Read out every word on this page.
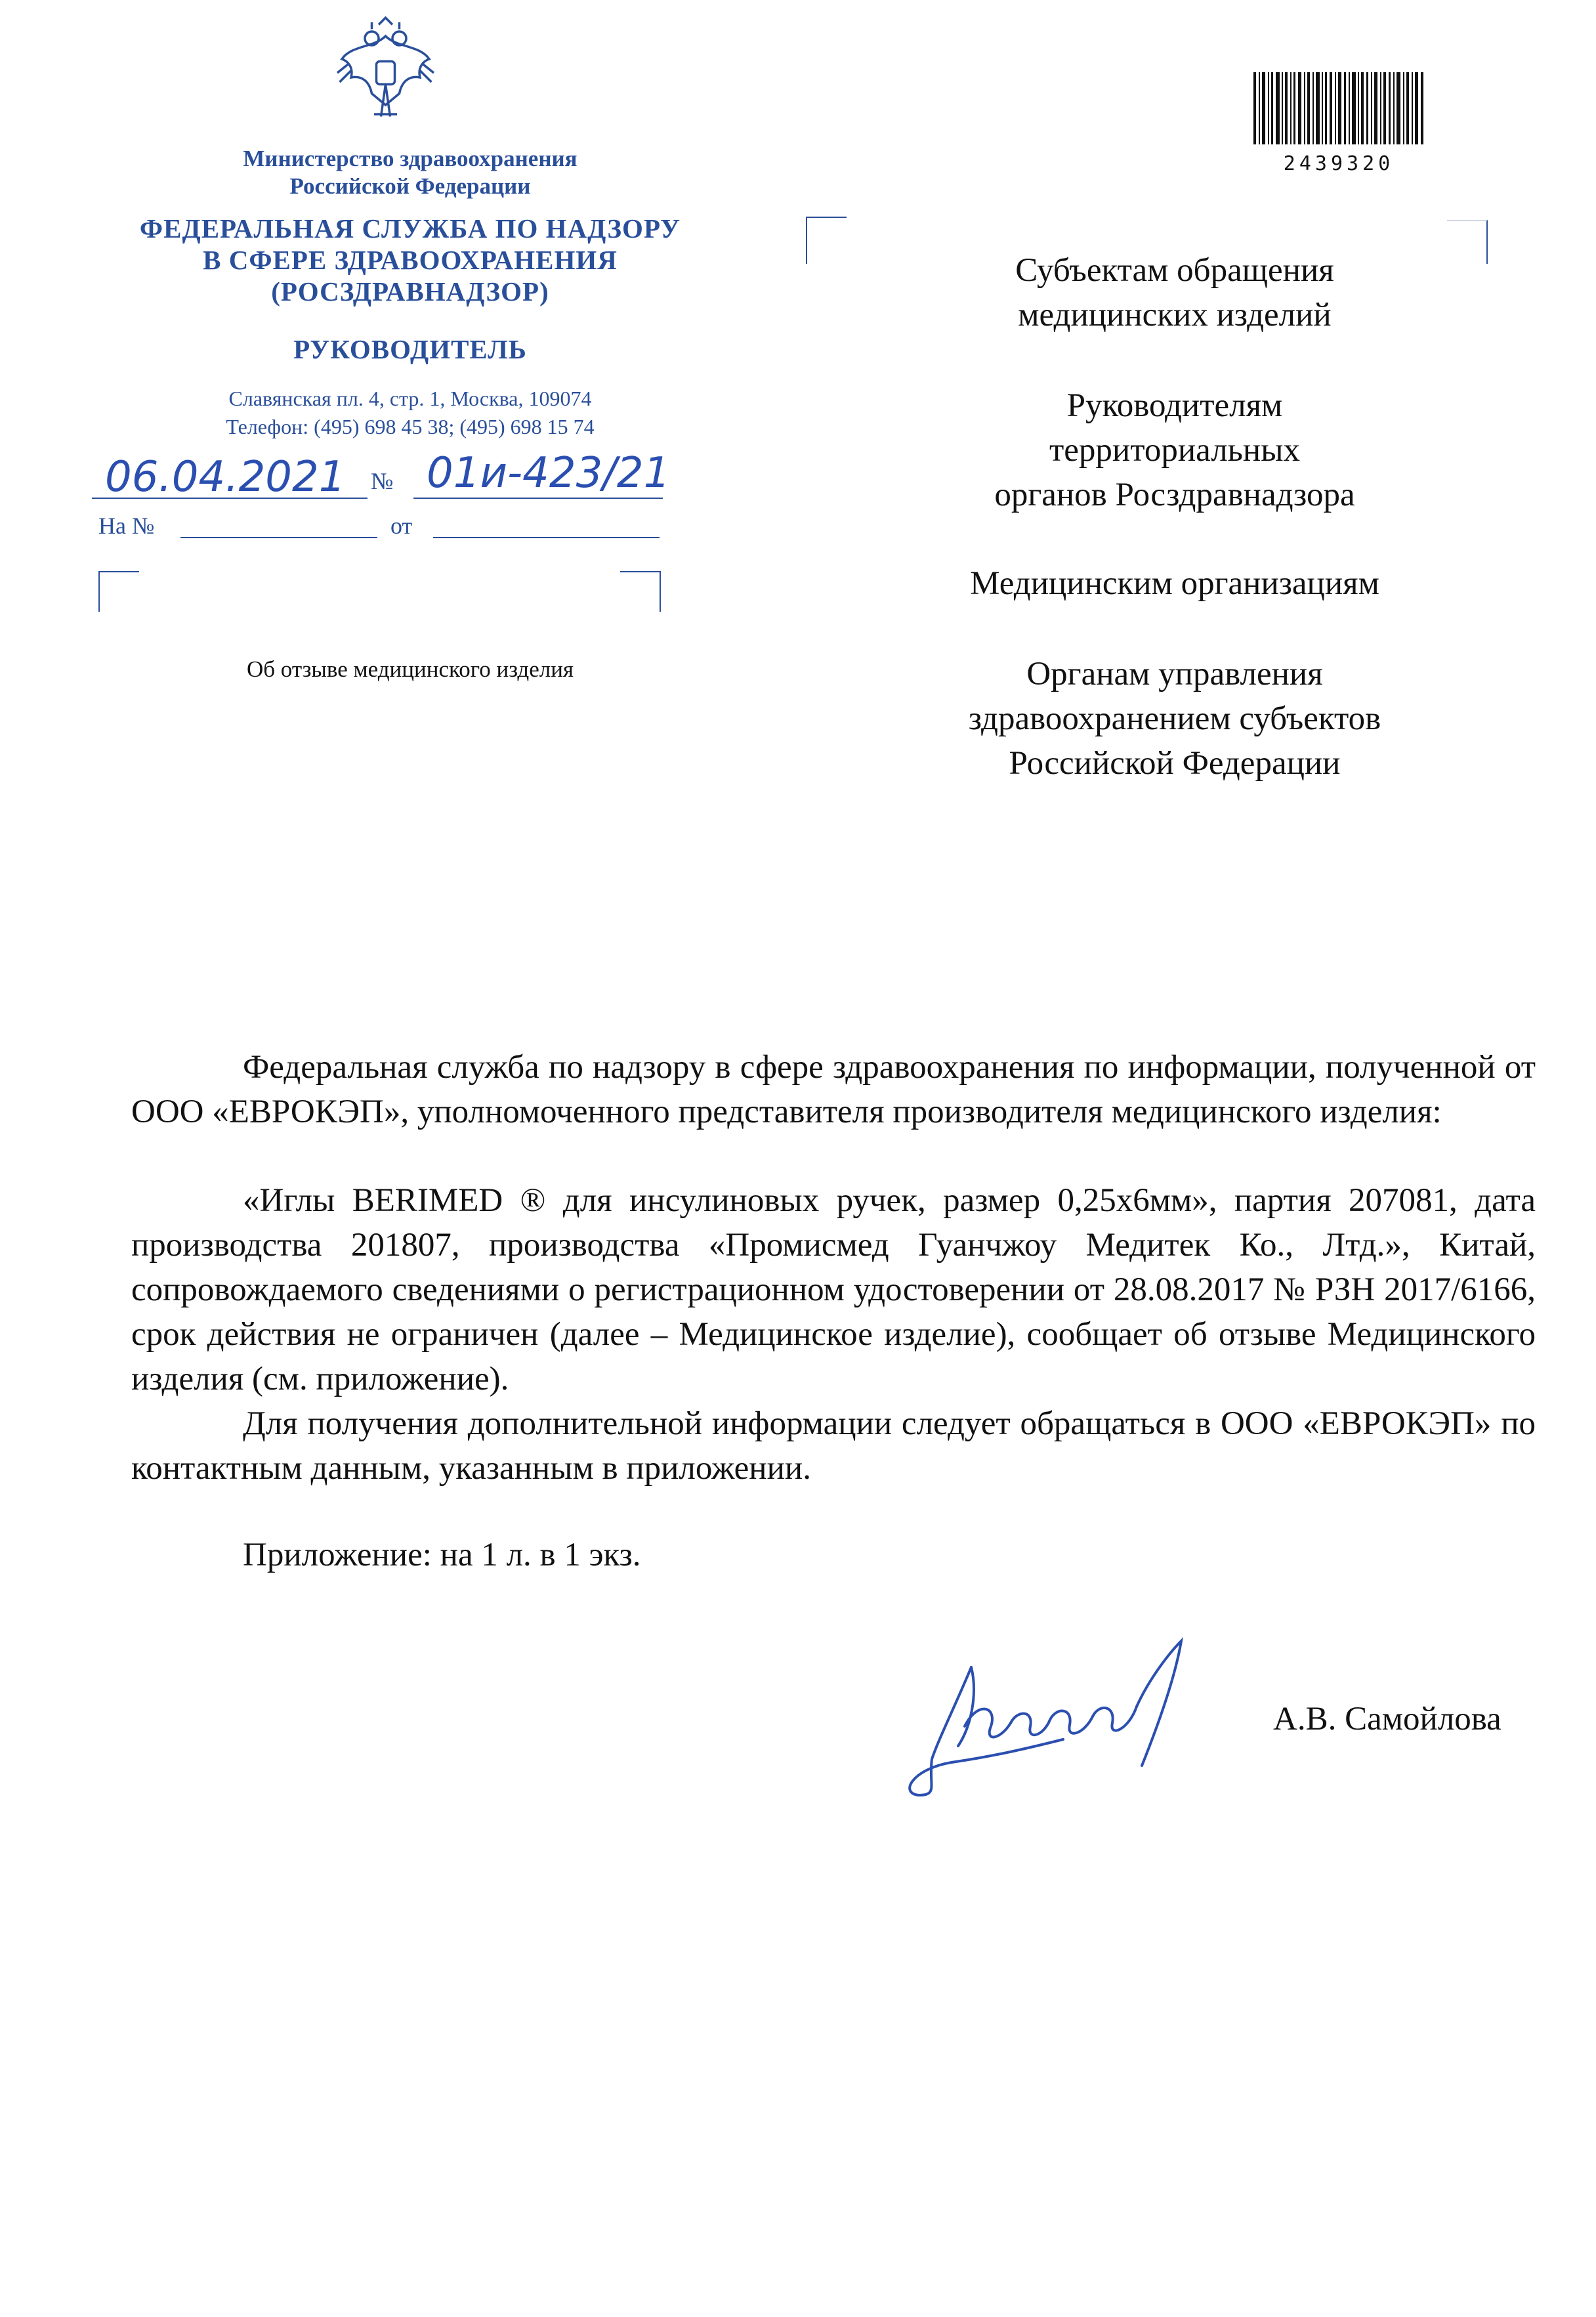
Министерство здравоохранения
Российской Федерации
ФЕДЕРАЛЬНАЯ СЛУЖБА ПО НАДЗОРУ
В СФЕРЕ ЗДРАВООХРАНЕНИЯ
(РОСЗДРАВНАДЗОР)
РУКОВОДИТЕЛЬ
Славянская пл. 4, стр. 1, Москва, 109074
Телефон: (495) 698 45 38; (495) 698 15 74
06.04.2021 № 01и-423/21
На №	от
Об отзыве медицинского изделия
2439320
Субъектам обращения
медицинских изделий
Руководителям
территориальных
органов Росздравнадзора
Медицинским организациям
Органам управления
здравоохранением субъектов
Российской Федерации
Федеральная служба по надзору в сфере здравоохранения по информации, полученной от ООО «ЕВРОКЭП», уполномоченного представителя производителя медицинского изделия:
«Иглы BERIMED ® для инсулиновых ручек, размер 0,25х6мм», партия 207081, дата производства 201807, производства «Промисмед Гуанчжоу Медитек Ко., Лтд.», Китай, сопровождаемого сведениями о регистрационном удостоверении от 28.08.2017 № РЗН 2017/6166, срок действия не ограничен (далее – Медицинское изделие), сообщает об отзыве Медицинского изделия (см. приложение).
Для получения дополнительной информации следует обращаться в ООО «ЕВРОКЭП» по контактным данным, указанным в приложении.
Приложение: на 1 л. в 1 экз.
А.В. Самойлова
